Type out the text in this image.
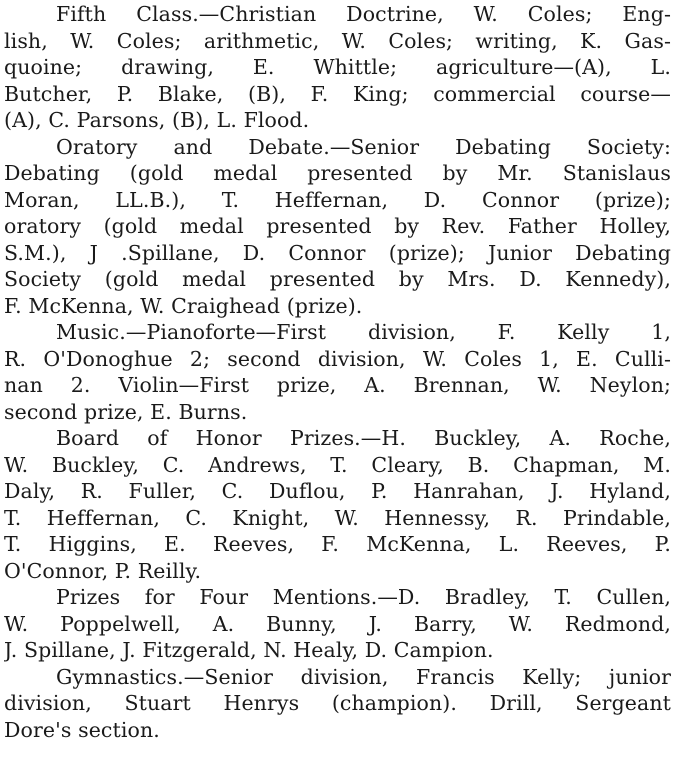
Fifth Class.—Christian Doctrine, W. Coles; Eng-
lish, W. Coles; arithmetic, W. Coles; writing, K. Gas-
quoine; drawing, E. Whittle; agriculture—(A), L.
Butcher, P. Blake, (B), F. King; commercial course—
(A), C. Parsons, (B), L. Flood.
Oratory and Debate.—Senior Debating Society:
Debating (gold medal presented by Mr. Stanislaus
Moran, LL.B.), T. Heffernan, D. Connor (prize);
oratory (gold medal presented by Rev. Father Holley,
S.M.), J .Spillane, D. Connor (prize); Junior Debating
Society (gold medal presented by Mrs. D. Kennedy),
F. McKenna, W. Craighead (prize).
Music.—Pianoforte—First division, F. Kelly 1,
R. O'Donoghue 2; second division, W. Coles 1, E. Culli-
nan 2. Violin—First prize, A. Brennan, W. Neylon;
second prize, E. Burns.
Board of Honor Prizes.—H. Buckley, A. Roche,
W. Buckley, C. Andrews, T. Cleary, B. Chapman, M.
Daly, R. Fuller, C. Duflou, P. Hanrahan, J. Hyland,
T. Heffernan, C. Knight, W. Hennessy, R. Prindable,
T. Higgins, E. Reeves, F. McKenna, L. Reeves, P.
O'Connor, P. Reilly.
Prizes for Four Mentions.—D. Bradley, T. Cullen,
W. Poppelwell, A. Bunny, J. Barry, W. Redmond,
J. Spillane, J. Fitzgerald, N. Healy, D. Campion.
Gymnastics.—Senior division, Francis Kelly; junior
division, Stuart Henrys (champion). Drill, Sergeant
Dore's section.
